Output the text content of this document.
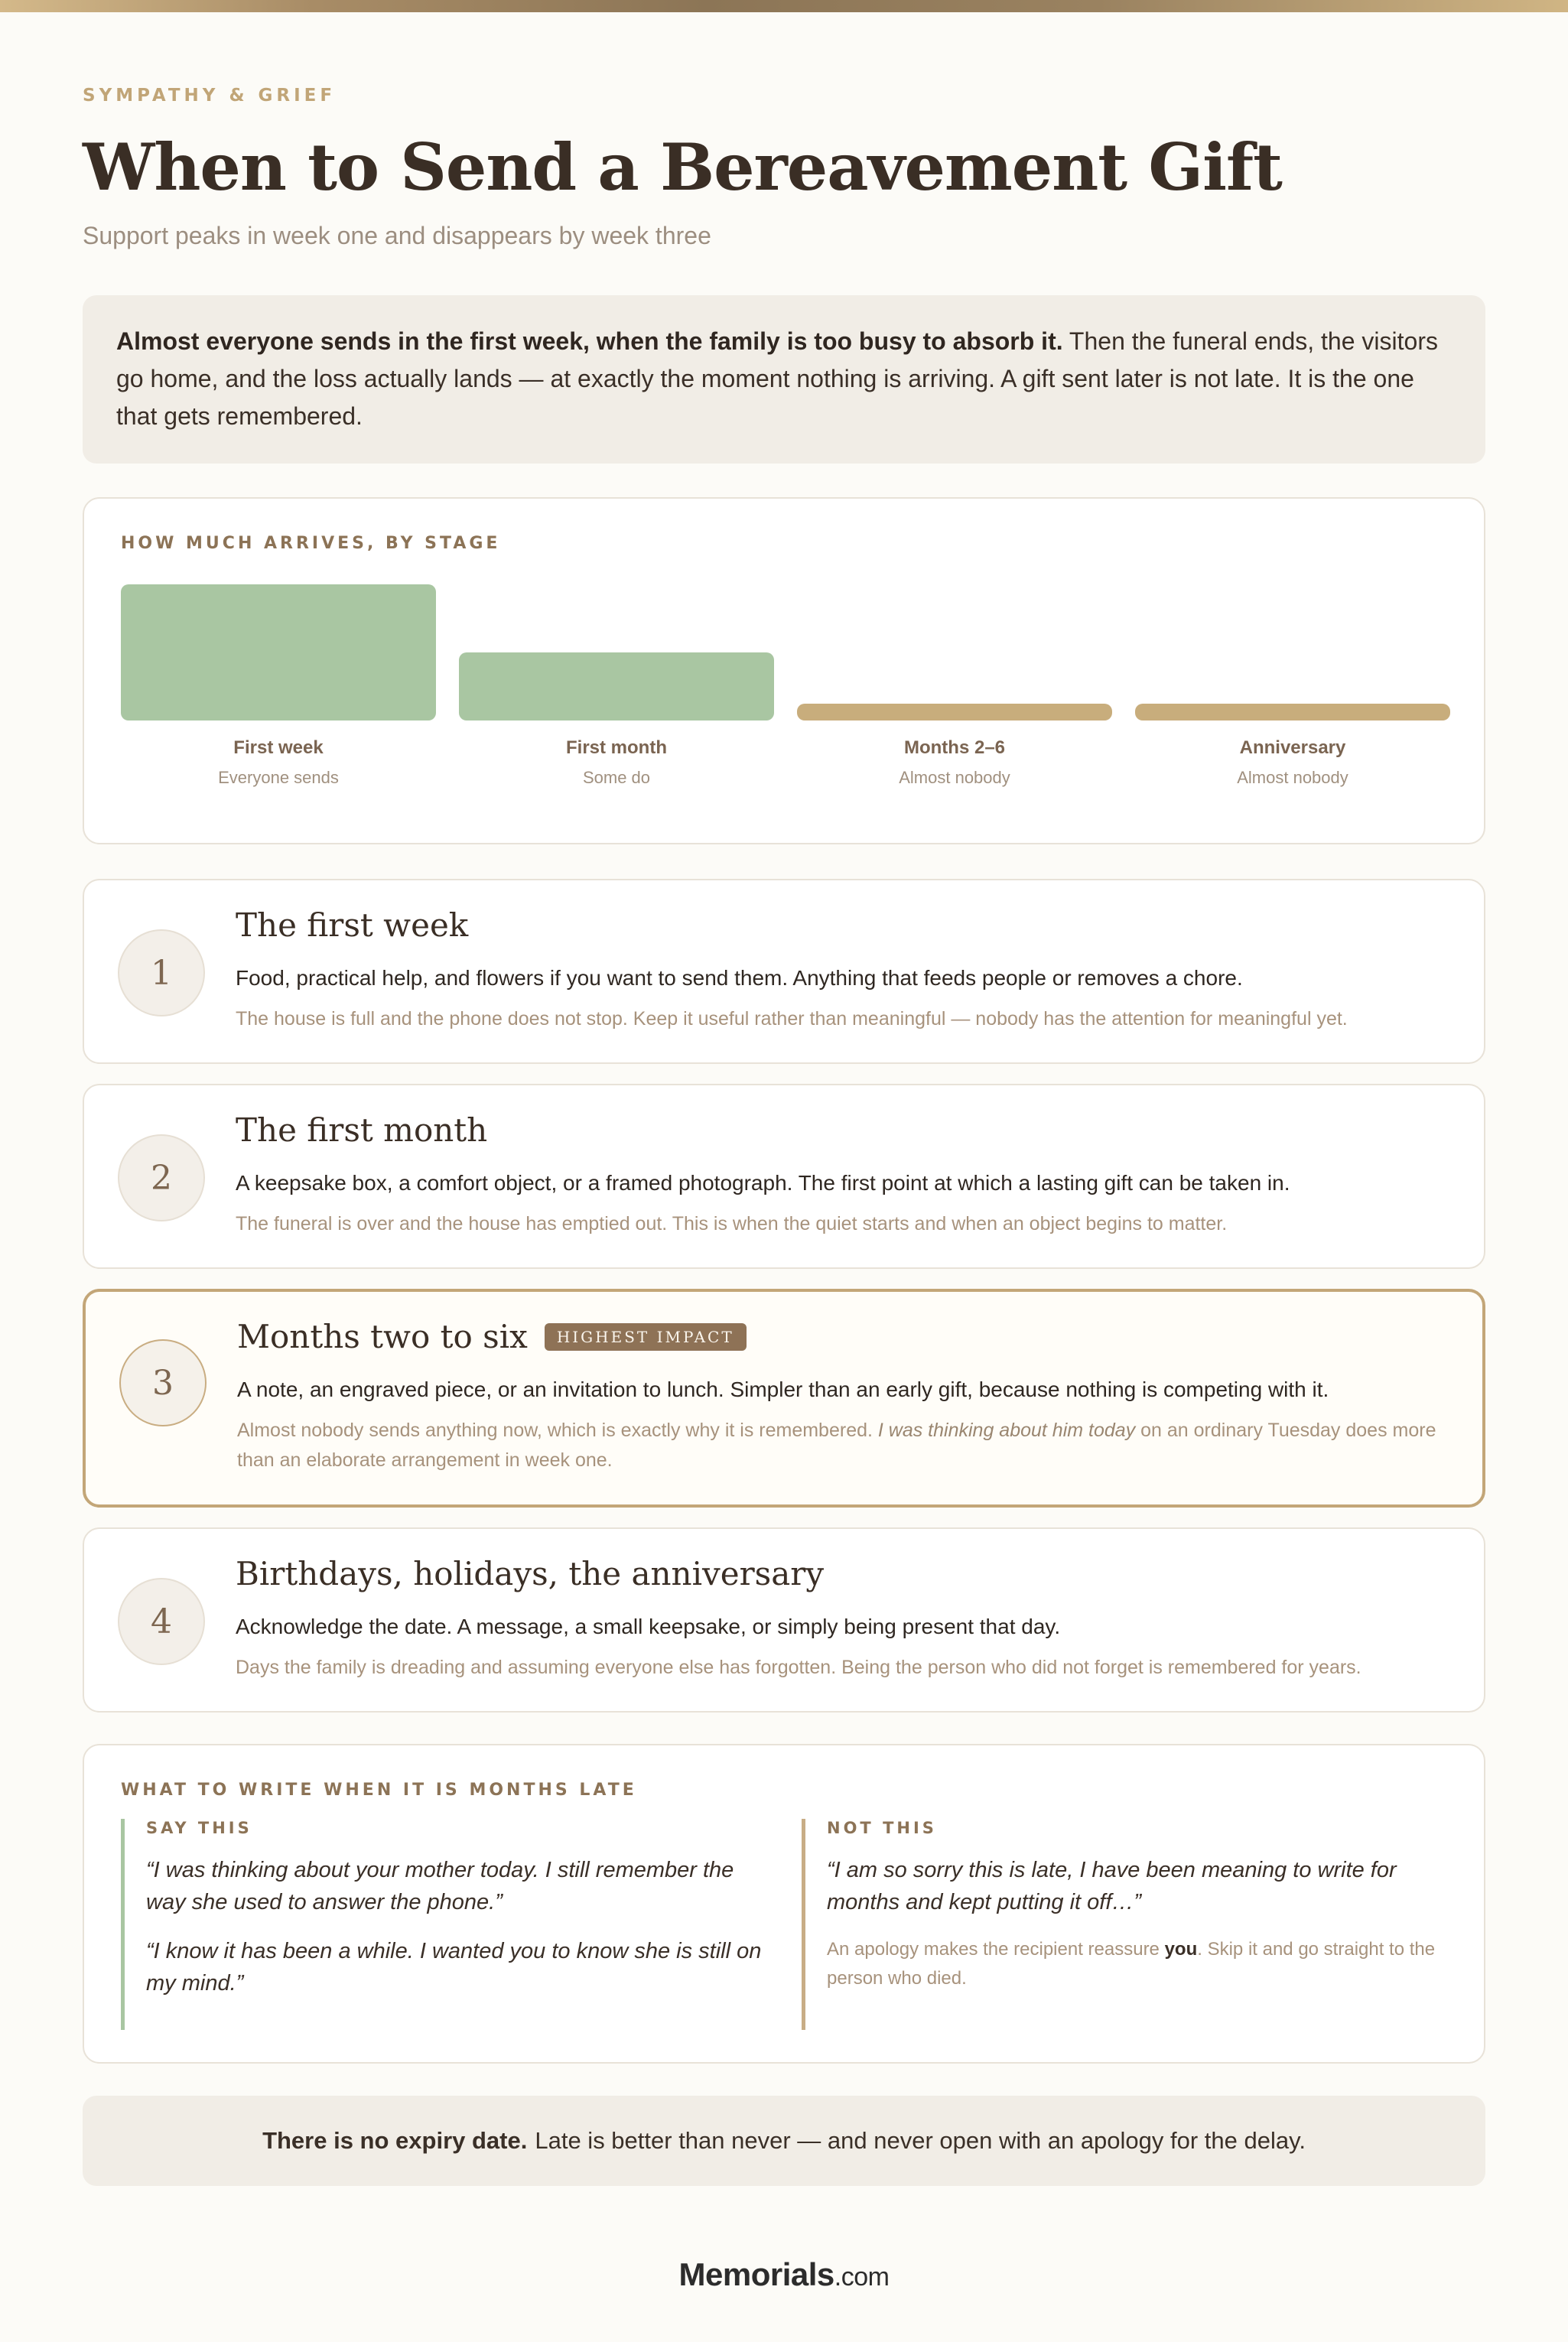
SYMPATHY & GRIEF
When to Send a Bereavement Gift
Support peaks in week one and disappears by week three
Almost everyone sends in the first week, when the family is too busy to absorb it. Then the funeral ends, the visitors go home, and the loss actually lands — at exactly the moment nothing is arriving. A gift sent later is not late. It is the one that gets remembered.
HOW MUCH ARRIVES, BY STAGE
First week
Everyone sends
First month
Some do
Months 2–6
Almost nobody
Anniversary
Almost nobody
1
The first week
Food, practical help, and flowers if you want to send them. Anything that feeds people or removes a chore.
The house is full and the phone does not stop. Keep it useful rather than meaningful — nobody has the attention for meaningful yet.
2
The first month
A keepsake box, a comfort object, or a framed photograph. The first point at which a lasting gift can be taken in.
The funeral is over and the house has emptied out. This is when the quiet starts and when an object begins to matter.
3
Months two to six	HIGHEST IMPACT
A note, an engraved piece, or an invitation to lunch. Simpler than an early gift, because nothing is competing with it.
Almost nobody sends anything now, which is exactly why it is remembered. I was thinking about him today on an ordinary Tuesday does more than an elaborate arrangement in week one.
4
Birthdays, holidays, the anniversary
Acknowledge the date. A message, a small keepsake, or simply being present that day.
Days the family is dreading and assuming everyone else has forgotten. Being the person who did not forget is remembered for years.
WHAT TO WRITE WHEN IT IS MONTHS LATE
SAY THIS
“I was thinking about your mother today. I still remember the way she used to answer the phone.”
“I know it has been a while. I wanted you to know she is still on my mind.”
NOT THIS
“I am so sorry this is late, I have been meaning to write for months and kept putting it off…”
An apology makes the recipient reassure you. Skip it and go straight to the person who died.
There is no expiry date. Late is better than never — and never open with an apology for the delay.
Memorials.com
